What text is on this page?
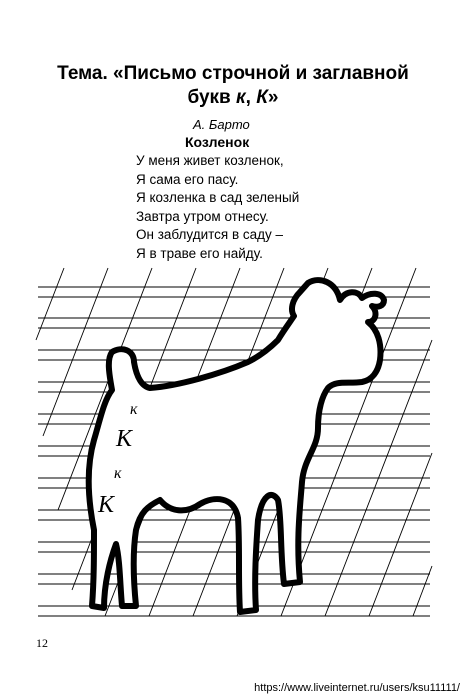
Тема. «Письмо строчной и заглавной
букв к, К»
А. Барто
Козленок
У меня живет козленок,
Я сама его пасу.
Я козленка в сад зеленый
Завтра утром отнесу.
Он заблудится в саду –
Я в траве его найду.
к
К
к
К
12
https://www.liveinternet.ru/users/ksu11111/
